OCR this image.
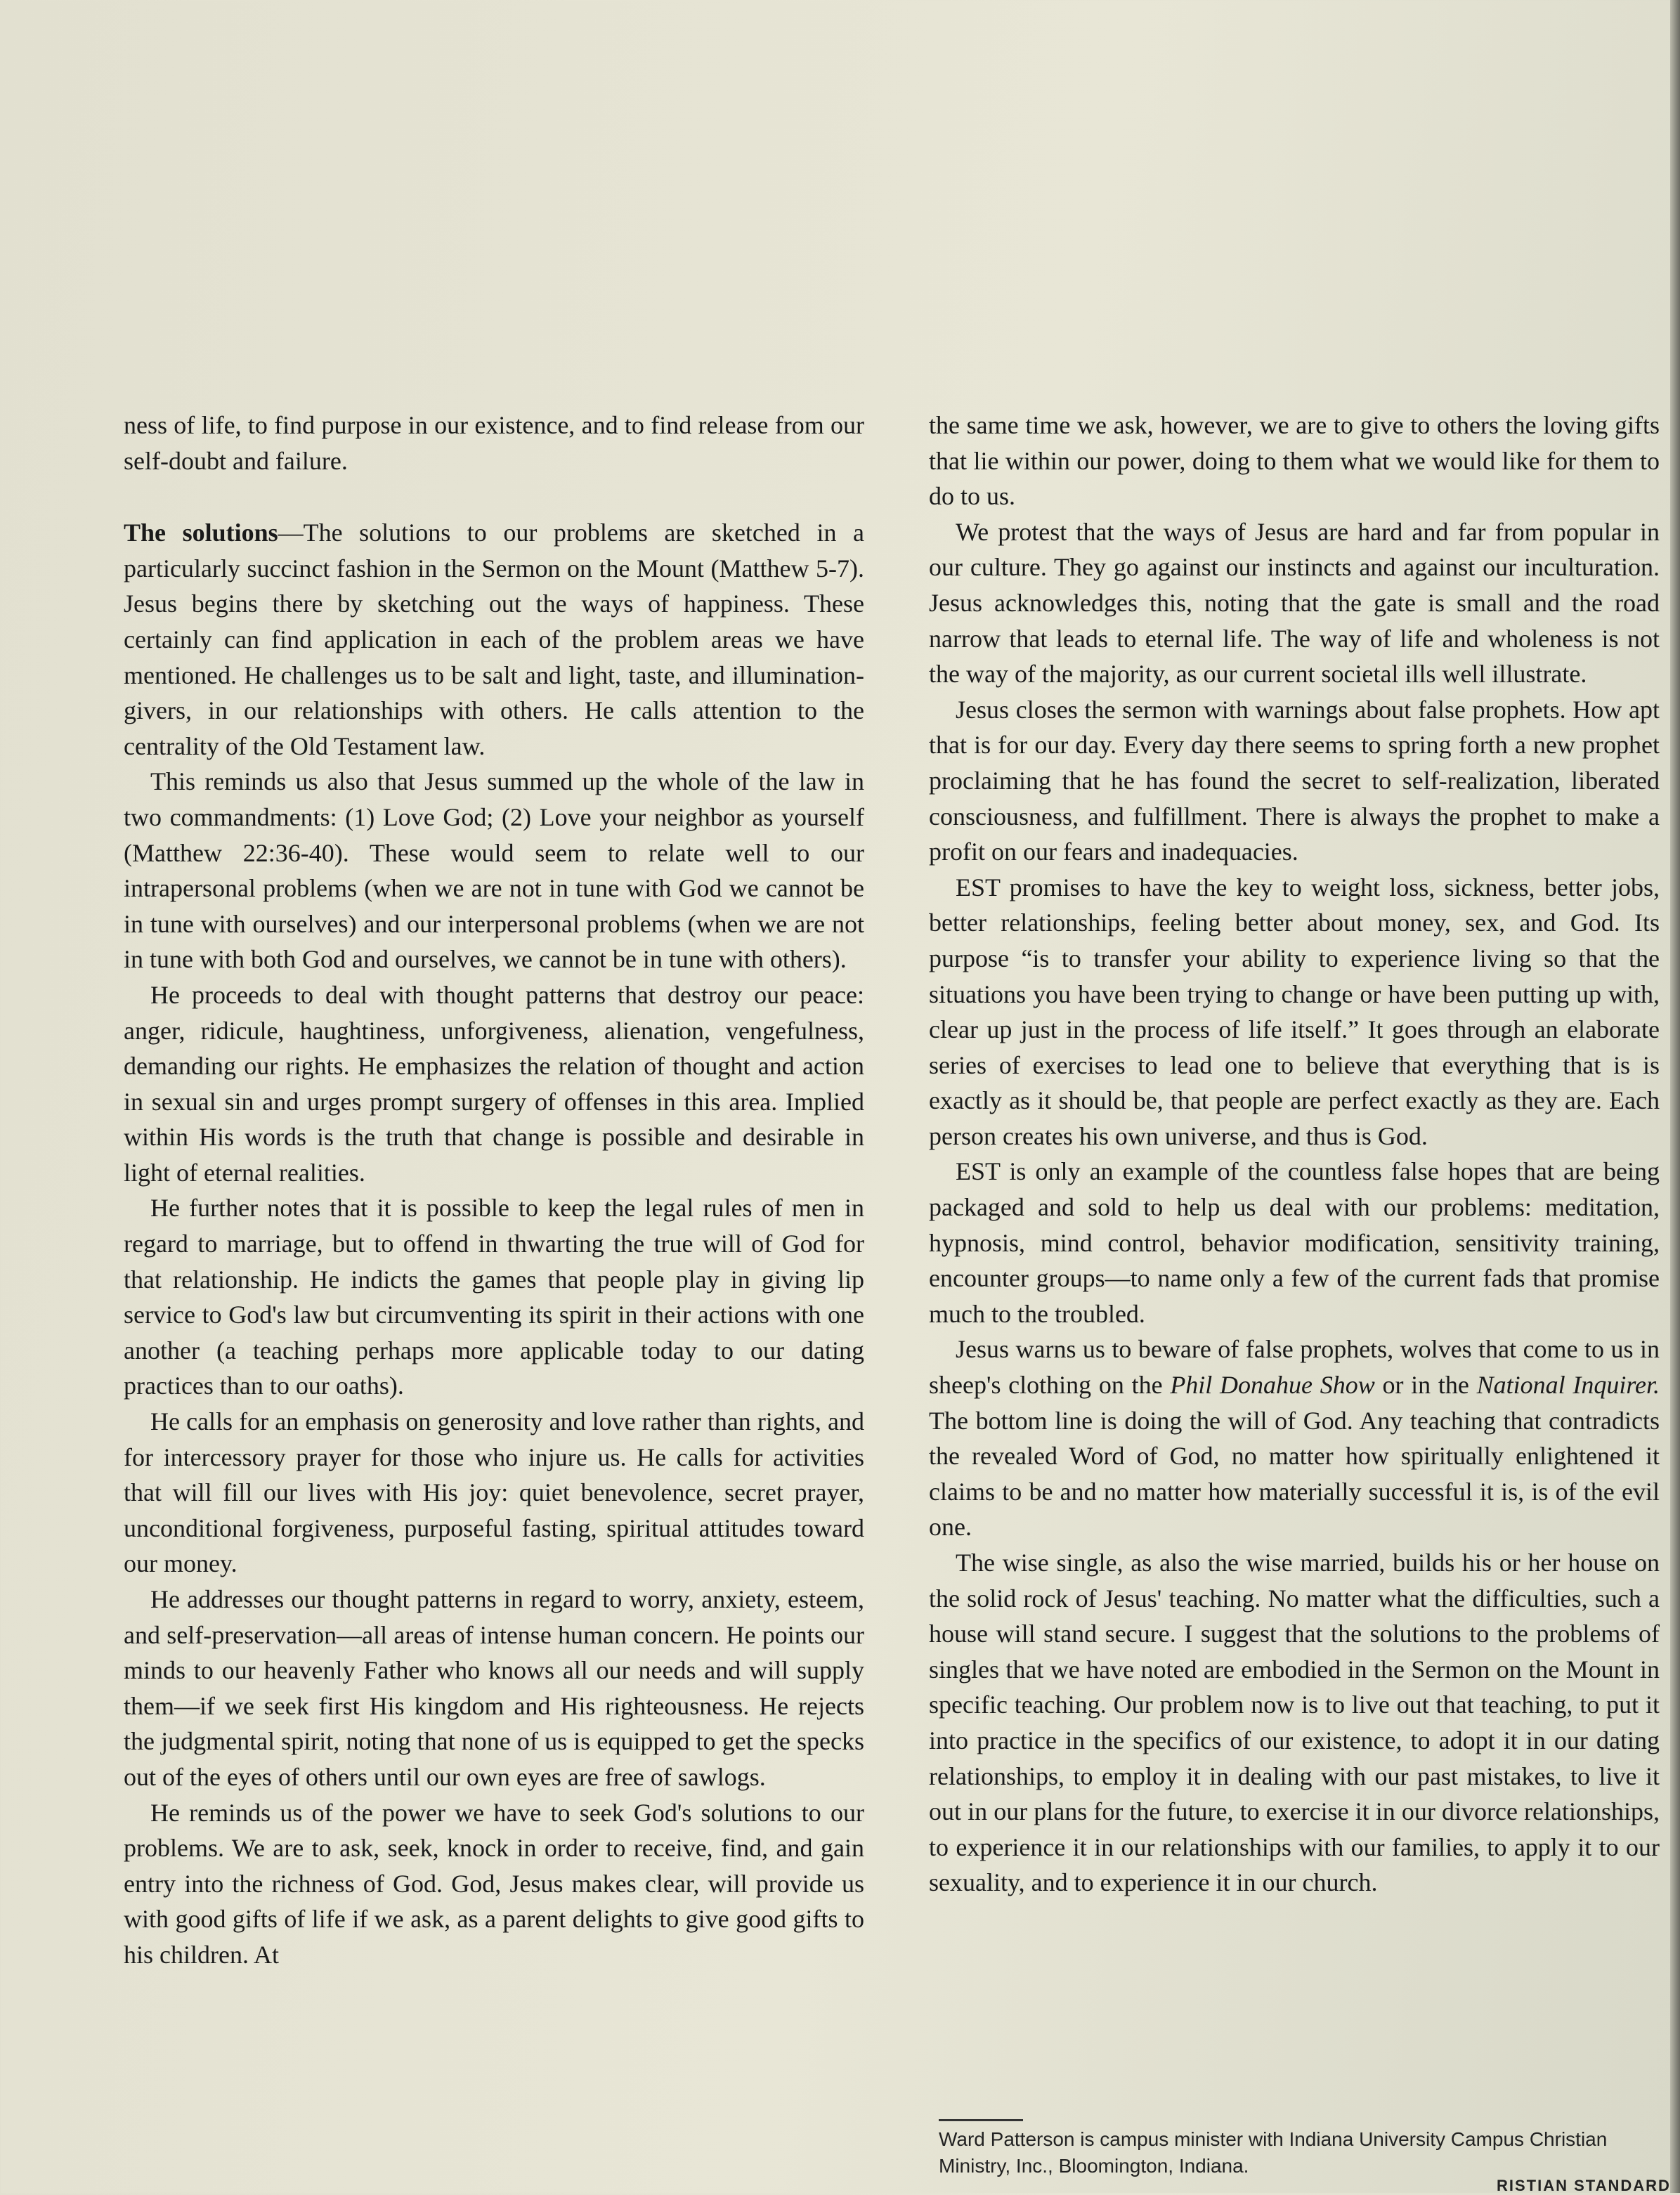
ness of life, to find purpose in our existence, and to find release from our self-doubt and failure.

The solutions—The solutions to our problems are sketched in a particularly succinct fashion in the Sermon on the Mount (Matthew 5-7). Jesus begins there by sketching out the ways of happiness. These certainly can find application in each of the problem areas we have mentioned. He challenges us to be salt and light, taste, and illumination-givers, in our relationships with others. He calls attention to the centrality of the Old Testament law.

This reminds us also that Jesus summed up the whole of the law in two commandments: (1) Love God; (2) Love your neighbor as yourself (Matthew 22:36-40). These would seem to relate well to our intrapersonal problems (when we are not in tune with God we cannot be in tune with ourselves) and our interpersonal problems (when we are not in tune with both God and ourselves, we cannot be in tune with others).

He proceeds to deal with thought patterns that destroy our peace: anger, ridicule, haughtiness, unforgiveness, alienation, vengefulness, demanding our rights. He emphasizes the relation of thought and action in sexual sin and urges prompt surgery of offenses in this area. Implied within His words is the truth that change is possible and desirable in light of eternal realities.

He further notes that it is possible to keep the legal rules of men in regard to marriage, but to offend in thwarting the true will of God for that relationship. He indicts the games that people play in giving lip service to God's law but circumventing its spirit in their actions with one another (a teaching perhaps more applicable today to our dating practices than to our oaths).

He calls for an emphasis on generosity and love rather than rights, and for intercessory prayer for those who injure us. He calls for activities that will fill our lives with His joy: quiet benevolence, secret prayer, unconditional forgiveness, purposeful fasting, spiritual attitudes toward our money.

He addresses our thought patterns in regard to worry, anxiety, esteem, and self-preservation—all areas of intense human concern. He points our minds to our heavenly Father who knows all our needs and will supply them—if we seek first His kingdom and His righteousness. He rejects the judgmental spirit, noting that none of us is equipped to get the specks out of the eyes of others until our own eyes are free of sawlogs.

He reminds us of the power we have to seek God's solutions to our problems. We are to ask, seek, knock in order to receive, find, and gain entry into the richness of God. God, Jesus makes clear, will provide us with good gifts of life if we ask, as a parent delights to give good gifts to his children. At

the same time we ask, however, we are to give to others the loving gifts that lie within our power, doing to them what we would like for them to do to us.

We protest that the ways of Jesus are hard and far from popular in our culture. They go against our instincts and against our inculturation. Jesus acknowledges this, noting that the gate is small and the road narrow that leads to eternal life. The way of life and wholeness is not the way of the majority, as our current societal ills well illustrate.

Jesus closes the sermon with warnings about false prophets. How apt that is for our day. Every day there seems to spring forth a new prophet proclaiming that he has found the secret to self-realization, liberated consciousness, and fulfillment. There is always the prophet to make a profit on our fears and inadequacies.

EST promises to have the key to weight loss, sickness, better jobs, better relationships, feeling better about money, sex, and God. Its purpose “is to transfer your ability to experience living so that the situations you have been trying to change or have been putting up with, clear up just in the process of life itself.” It goes through an elaborate series of exercises to lead one to believe that everything that is is exactly as it should be, that people are perfect exactly as they are. Each person creates his own universe, and thus is God.

EST is only an example of the countless false hopes that are being packaged and sold to help us deal with our problems: meditation, hypnosis, mind control, behavior modification, sensitivity training, encounter groups—to name only a few of the current fads that promise much to the troubled.

Jesus warns us to beware of false prophets, wolves that come to us in sheep's clothing on the Phil Donahue Show or in the National Inquirer. The bottom line is doing the will of God. Any teaching that contradicts the revealed Word of God, no matter how spiritually enlightened it claims to be and no matter how materially successful it is, is of the evil one.

The wise single, as also the wise married, builds his or her house on the solid rock of Jesus' teaching. No matter what the difficulties, such a house will stand secure. I suggest that the solutions to the problems of singles that we have noted are embodied in the Sermon on the Mount in specific teaching. Our problem now is to live out that teaching, to put it into practice in the specifics of our existence, to adopt it in our dating relationships, to employ it in dealing with our past mistakes, to live it out in our plans for the future, to exercise it in our divorce relationships, to experience it in our relationships with our families, to apply it to our sexuality, and to experience it in our church.

Ward Patterson is campus minister with Indiana University Campus Christian Ministry, Inc., Bloomington, Indiana.
RISTIAN STANDARD
